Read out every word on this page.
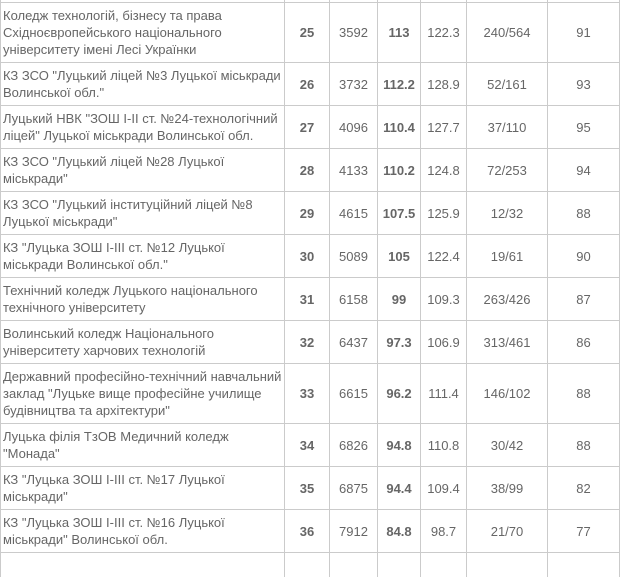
Коледж технологій, бізнесу та права Східноєвропейського національного університету імені Лесі Українки	25	3592	113	122.3	240/564	91
КЗ ЗСО "Луцький ліцей №3 Луцької міськради Волинської обл."	26	3732	112.2	128.9	52/161	93
Луцький НВК "ЗОШ І-ІІ ст. №24-технологічний ліцей" Луцької міськради Волинської обл.	27	4096	110.4	127.7	37/110	95
КЗ ЗСО "Луцький ліцей №28 Луцької міськради"	28	4133	110.2	124.8	72/253	94
КЗ ЗСО "Луцький інституційний ліцей №8 Луцької міськради"	29	4615	107.5	125.9	12/32	88
КЗ "Луцька ЗОШ І-ІІІ ст. №12 Луцької міськради Волинської обл."	30	5089	105	122.4	19/61	90
Технічний коледж Луцького національного технічного університету	31	6158	99	109.3	263/426	87
Волинський коледж Національного університету харчових технологій	32	6437	97.3	106.9	313/461	86
Державний професійно-технічний навчальний заклад "Луцьке вище професійне училище будівництва та архітектури"	33	6615	96.2	111.4	146/102	88
Луцька філія ТзОВ Медичний коледж "Монада"	34	6826	94.8	110.8	30/42	88
КЗ "Луцька ЗОШ І-ІІІ ст. №17 Луцької міськради"	35	6875	94.4	109.4	38/99	82
КЗ "Луцька ЗОШ І-ІІІ ст. №16 Луцької міськради" Волинської обл.	36	7912	84.8	98.7	21/70	77
